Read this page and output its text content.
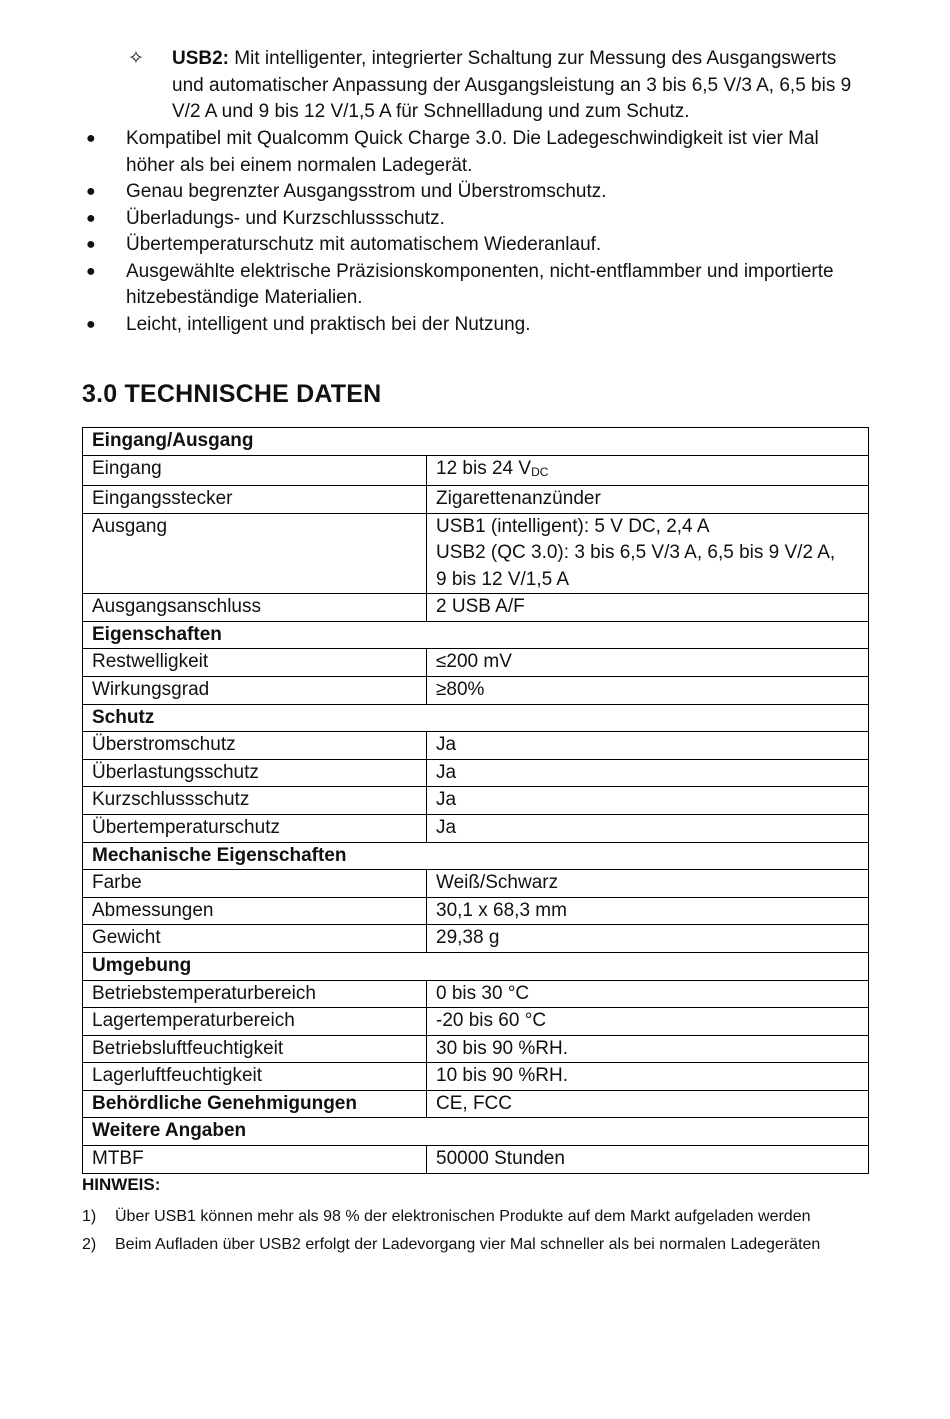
✧ USB2: Mit intelligenter, integrierter Schaltung zur Messung des Ausgangswerts und automatischer Anpassung der Ausgangsleistung an 3 bis 6,5 V/3 A, 6,5 bis 9 V/2 A und 9 bis 12 V/1,5 A für Schnellladung und zum Schutz.
● Kompatibel mit Qualcomm Quick Charge 3.0. Die Ladegeschwindigkeit ist vier Mal höher als bei einem normalen Ladegerät.
● Genau begrenzter Ausgangsstrom und Überstromschutz.
● Überladungs- und Kurzschlussschutz.
● Übertemperaturschutz mit automatischem Wiederanlauf.
● Ausgewählte elektrische Präzisionskomponenten, nicht-entflammber und importierte hitzebeständige Materialien.
● Leicht, intelligent und praktisch bei der Nutzung.
3.0 TECHNISCHE DATEN
Eingang/Ausgang	
Eingang	12 bis 24 $V_{DC}$
Eingangsstecker	Zigarettenanzünder
Ausgang	USB1 (intelligent): 5 V DC, 2,4 A
USB2 (QC 3.0): 3 bis 6,5 V/3 A, 6,5 bis 9 V/2 A,
9 bis 12 V/1,5 A

Ausgangsanschluss	2 USB A/F
Eigenschaften	
Restwelligkeit	≤200 mV
Wirkungsgrad	≥80%
Schutz	
Überstromschutz	Ja
Überlastungsschutz	Ja
Kurzschlussschutz	Ja
Übertemperaturschutz	Ja
Mechanische Eigenschaften	
Farbe	Weiß/Schwarz
Abmessungen	30,1 x 68,3 mm
Gewicht	29,38 g
Umgebung	
Betriebstemperaturbereich	0 bis 30 °C
Lagertemperaturbereich	-20 bis 60 °C
Betriebsluftfeuchtigkeit	30 bis 90 %RH.
Lagerluftfeuchtigkeit	10 bis 90 %RH.
Behördliche Genehmigungen	CE, FCC
Weitere Angaben	
MTBF	50000 Stunden
HINWEIS:
1) Über USB1 können mehr als 98 % der elektronischen Produkte auf dem Markt aufgeladen werden
2) Beim Aufladen über USB2 erfolgt der Ladevorgang vier Mal schneller als bei normalen Ladegeräten
